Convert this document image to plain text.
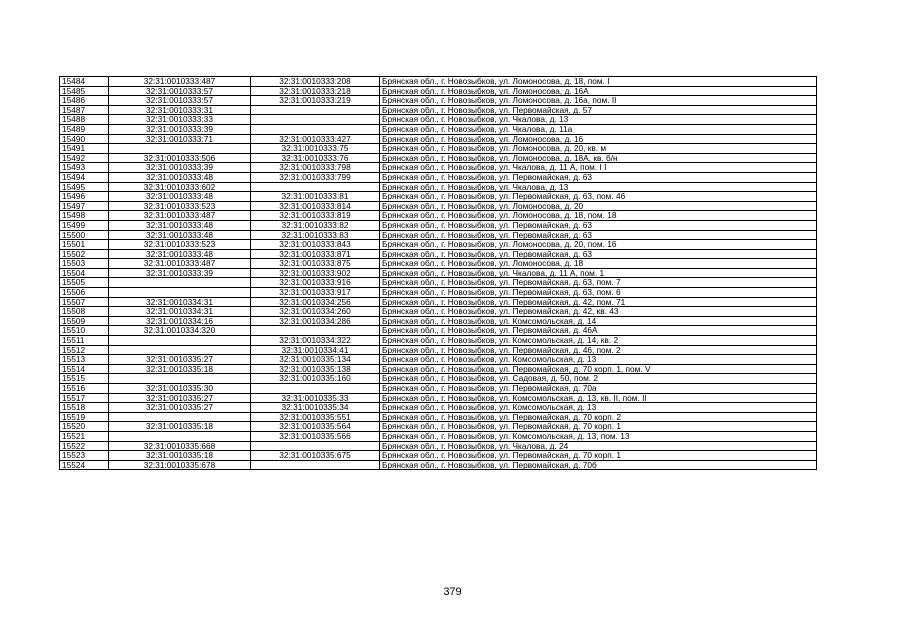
15484	32:31:0010333:487	32:31:0010333:208	Брянская обл., г. Новозыбков, ул. Ломоносова, д. 18, пом. I
15485	32:31:0010333:57	32:31:0010333:218	Брянская обл., г. Новозыбков, ул. Ломоносова, д. 16А
15486	32:31:0010333:57	32:31:0010333:219	Брянская обл., г. Новозыбков, ул. Ломоносова, д. 16а, пом. II
15487	32:31:0010333:31		Брянская обл., г. Новозыбков, ул. Первомайская, д. 57
15488	32:31:0010333:33		Брянская обл., г. Новозыбков, ул. Чкалова, д. 13
15489	32:31:0010333:39		Брянская обл., г. Новозыбков, ул. Чкалова, д. 11а
15490	32:31:0010333:71	32:31:0010333:427	Брянская обл., г. Новозыбков, ул. Ломоносова, д. 16
15491		32:31:0010333:75	Брянская обл., г. Новозыбков, ул. Ломоносова, д. 20, кв. м
15492	32:31:0010333:506	32:31:0010333:76	Брянская обл., г. Новозыбков, ул. Ломоносова, д. 18А, кв. б/н
15493	32:31:0010333:39	32:31:0010333:798	Брянская обл., г. Новозыбков, ул. Чкалова, д. 11 А, пом. I I
15494	32:31:0010333:48	32:31:0010333:799	Брянская обл., г. Новозыбков, ул. Первомайская, д. 63
15495	32:31:0010333:602		Брянская обл., г. Новозыбков, ул. Чкалова, д. 13
15496	32:31:0010333:48	32:31:0010333:81	Брянская обл., г. Новозыбков, ул. Первомайская, д. 63, пом. 46
15497	32:31:0010333:523	32:31:0010333:814	Брянская обл., г. Новозыбков, ул. Ломоносова, д. 20
15498	32:31:0010333:487	32:31:0010333:819	Брянская обл., г. Новозыбков, ул. Ломоносова, д. 18, пом. 18
15499	32:31:0010333:48	32:31:0010333:82	Брянская обл., г. Новозыбков, ул. Первомайская, д. 63
15500	32:31:0010333:48	32:31:0010333:83	Брянская обл., г. Новозыбков, ул. Первомайская, д. 63
15501	32:31:0010333:523	32:31:0010333:843	Брянская обл., г. Новозыбков, ул. Ломоносова, д. 20, пом. 16
15502	32:31:0010333:48	32:31:0010333:871	Брянская обл., г. Новозыбков, ул. Первомайская, д. 63
15503	32:31:0010333:487	32:31:0010333:875	Брянская обл., г. Новозыбков, ул. Ломоносова, д. 18
15504	32:31:0010333:39	32:31:0010333:902	Брянская обл., г. Новозыбков, ул. Чкалова, д. 11 А, пом. 1
15505		32:31:0010333:916	Брянская обл., г. Новозыбков, ул. Первомайская, д. 63, пом. 7
15506		32:31:0010333:917	Брянская обл., г. Новозыбков, ул. Первомайская, д. 63, пом. 6
15507	32:31:0010334:31	32:31:0010334:256	Брянская обл., г. Новозыбков, ул. Первомайская, д. 42, пом. 71
15508	32:31:0010334:31	32:31:0010334:260	Брянская обл., г. Новозыбков, ул. Первомайская, д. 42, кв. 43
15509	32:31:0010334:16	32:31:0010334:286	Брянская обл., г. Новозыбков, ул. Комсомольская, д. 14
15510	32:31:0010334:320		Брянская обл., г. Новозыбков, ул. Первомайская, д. 46А
15511		32:31:0010334:322	Брянская обл., г. Новозыбков, ул. Комсомольская, д. 14, кв. 2
15512		32:31:0010334:41	Брянская обл., г. Новозыбков, ул. Первомайская, д. 46, пом. 2
15513	32:31:0010335:27	32:31:0010335:134	Брянская обл., г. Новозыбков, ул. Комсомольская, д. 13
15514	32:31:0010335:18	32:31:0010335:138	Брянская обл., г. Новозыбков, ул. Первомайская, д. 70 корп. 1, пом. V
15515		32:31:0010335:160	Брянская обл., г. Новозыбков, ул. Садовая, д. 50, пом. 2
15516	32:31:0010335:30		Брянская обл., г. Новозыбков, ул. Первомайская, д. 70а
15517	32:31:0010335:27	32:31:0010335:33	Брянская обл., г. Новозыбков, ул. Комсомольская, д. 13, кв. II, пом. II
15518	32:31:0010335:27	32:31:0010335:34	Брянская обл., г. Новозыбков, ул. Комсомольская, д. 13
15519		32:31:0010335:551	Брянская обл., г. Новозыбков, ул. Первомайская, д. 70 корп. 2
15520	32:31:0010335:18	32:31:0010335:564	Брянская обл., г. Новозыбков, ул. Первомайская, д. 70 корп. 1
15521		32:31:0010335:566	Брянская обл., г. Новозыбков, ул. Комсомольская, д. 13, пом. 13
15522	32:31:0010335:668		Брянская обл., г. Новозыбков, ул. Чкалова, д. 24
15523	32:31:0010335:18	32:31:0010335:675	Брянская обл., г. Новозыбков, ул. Первомайская, д. 70 корп. 1
15524	32:31:0010335:678		Брянская обл., г. Новозыбков, ул. Первомайская, д. 70б
379
